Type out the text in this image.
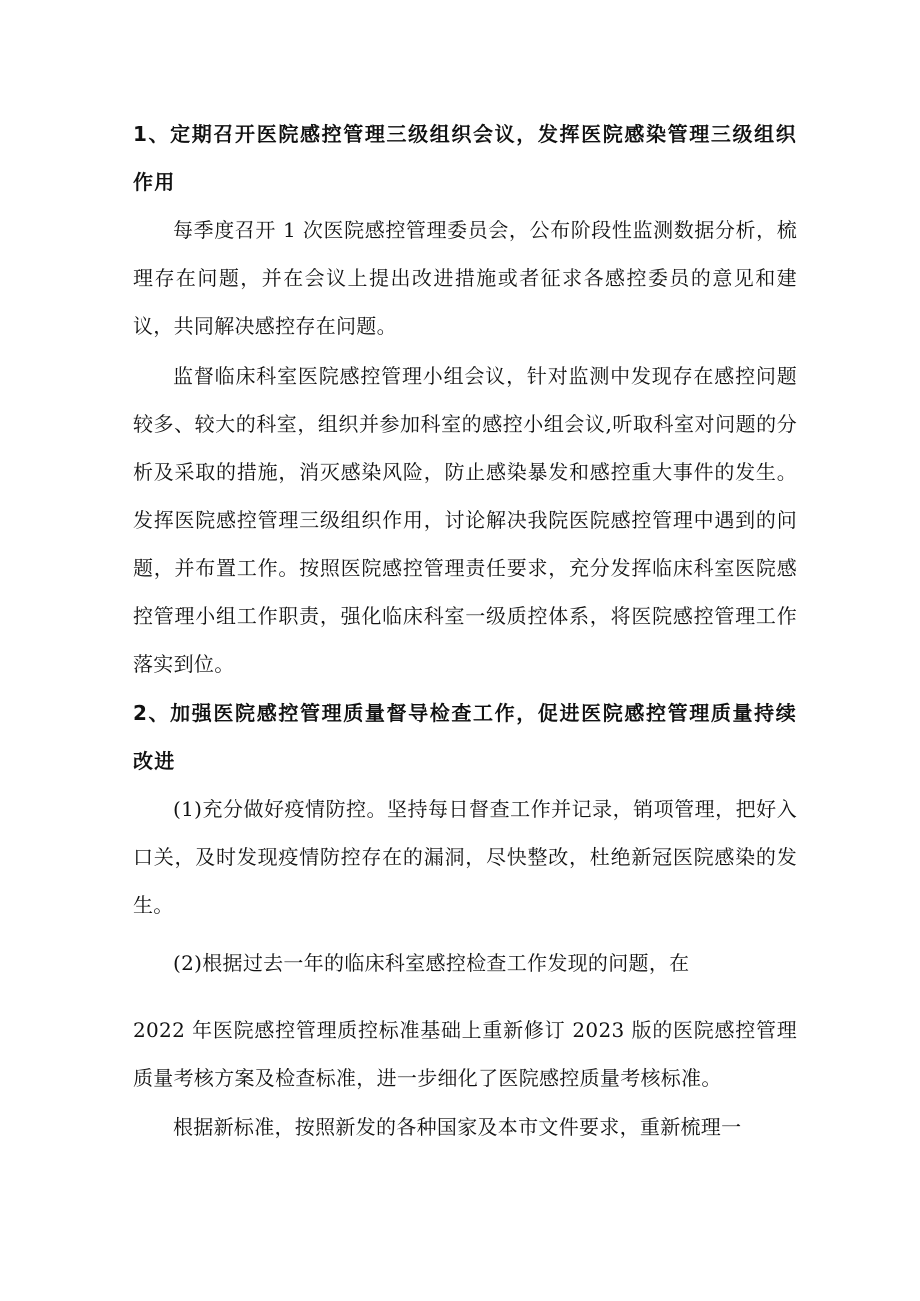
1、定期召开医院感控管理三级组织会议，发挥医院感染管理三级组织作用

每季度召开 1 次医院感控管理委员会，公布阶段性监测数据分析，梳理存在问题，并在会议上提出改进措施或者征求各感控委员的意见和建议，共同解决感控存在问题。

监督临床科室医院感控管理小组会议，针对监测中发现存在感控问题较多、较大的科室，组织并参加科室的感控小组会议,听取科室对问题的分析及采取的措施，消灭感染风险，防止感染暴发和感控重大事件的发生。发挥医院感控管理三级组织作用，讨论解决我院医院感控管理中遇到的问题，并布置工作。按照医院感控管理责任要求，充分发挥临床科室医院感控管理小组工作职责，强化临床科室一级质控体系，将医院感控管理工作落实到位。

2、加强医院感控管理质量督导检查工作，促进医院感控管理质量持续改进

(1)充分做好疫情防控。坚持每日督查工作并记录，销项管理，把好入口关，及时发现疫情防控存在的漏洞，尽快整改，杜绝新冠医院感染的发生。

(2)根据过去一年的临床科室感控检查工作发现的问题，在

2022 年医院感控管理质控标准基础上重新修订 2023 版的医院感控管理质量考核方案及检查标准，进一步细化了医院感控质量考核标准。

根据新标准，按照新发的各种国家及本市文件要求，重新梳理一
